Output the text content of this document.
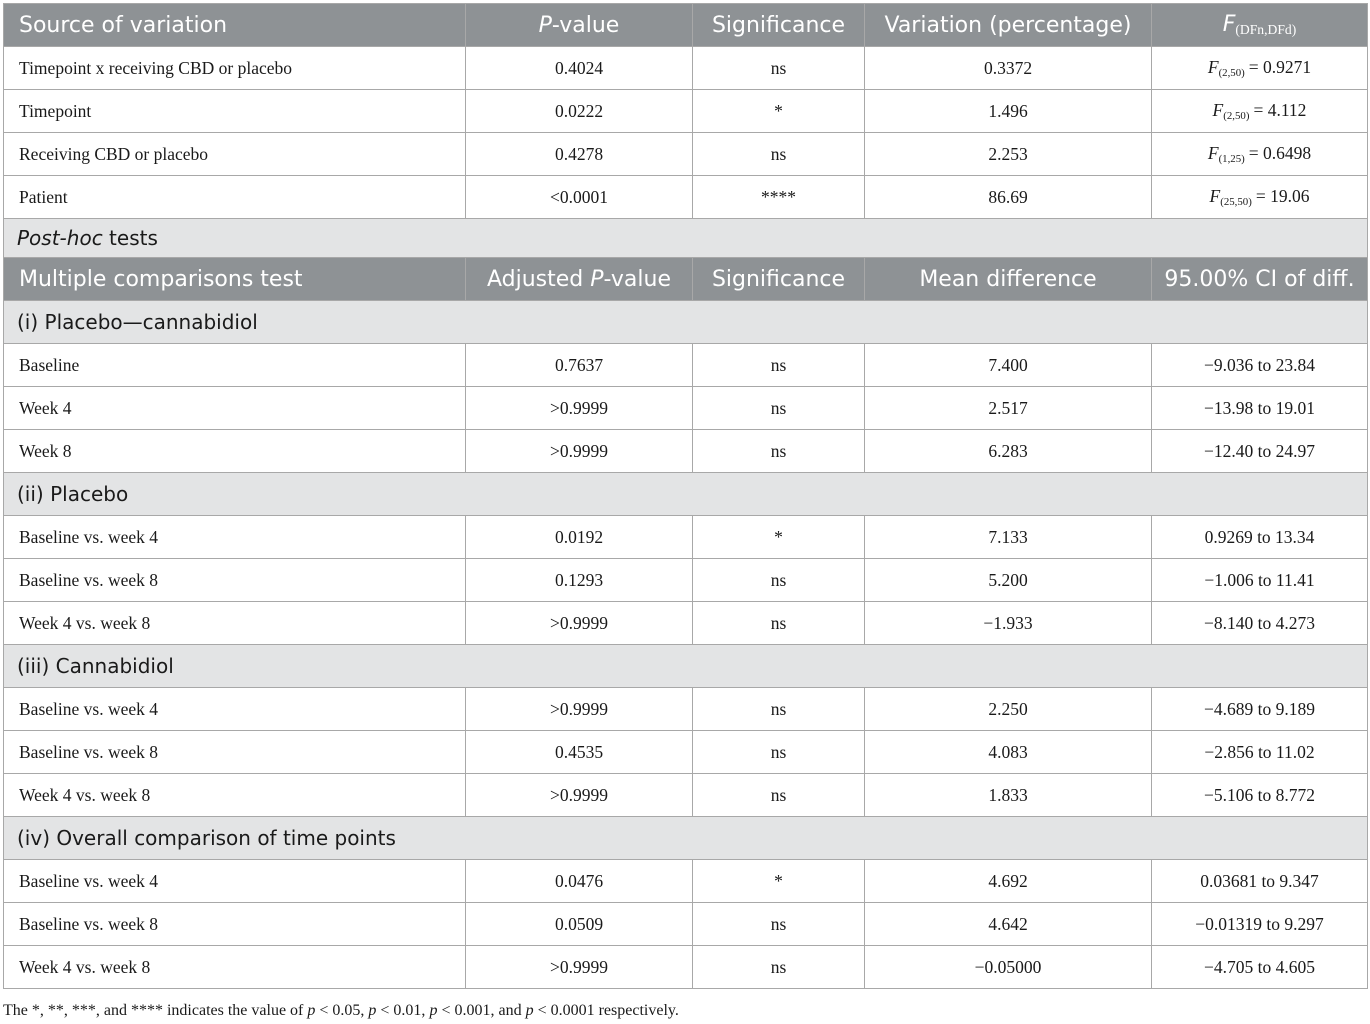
Source of variation	P-value	Significance	Variation (percentage)	$F_{(DFn,DFd)}$
Timepoint x receiving CBD or placebo	0.4024	ns	0.3372	$F_{(2,50)} = 0.9271$
Timepoint	0.0222	*	1.496	$F_{(2,50)} = 4.112$
Receiving CBD or placebo	0.4278	ns	2.253	$F_{(1,25)} = 0.6498$
Patient	<0.0001	****	86.69	$F_{(25,50)} = 19.06$
Post-hoc tests				
Multiple comparisons test	Adjusted P-value	Significance	Mean difference	95.00% CI of diff.
(i) Placebo—cannabidiol				
Baseline	0.7637	ns	7.400	−9.036 to 23.84
Week 4	>0.9999	ns	2.517	−13.98 to 19.01
Week 8	>0.9999	ns	6.283	−12.40 to 24.97
(ii) Placebo				
Baseline vs. week 4	0.0192	*	7.133	0.9269 to 13.34
Baseline vs. week 8	0.1293	ns	5.200	−1.006 to 11.41
Week 4 vs. week 8	>0.9999	ns	−1.933	−8.140 to 4.273
(iii) Cannabidiol				
Baseline vs. week 4	>0.9999	ns	2.250	−4.689 to 9.189
Baseline vs. week 8	0.4535	ns	4.083	−2.856 to 11.02
Week 4 vs. week 8	>0.9999	ns	1.833	−5.106 to 8.772
(iv) Overall comparison of time points				
Baseline vs. week 4	0.0476	*	4.692	0.03681 to 9.347
Baseline vs. week 8	0.0509	ns	4.642	−0.01319 to 9.297
Week 4 vs. week 8	>0.9999	ns	−0.05000	−4.705 to 4.605
The *, **, ***, and **** indicates the value of p < 0.05, p < 0.01, p < 0.001, and p < 0.0001 respectively.
